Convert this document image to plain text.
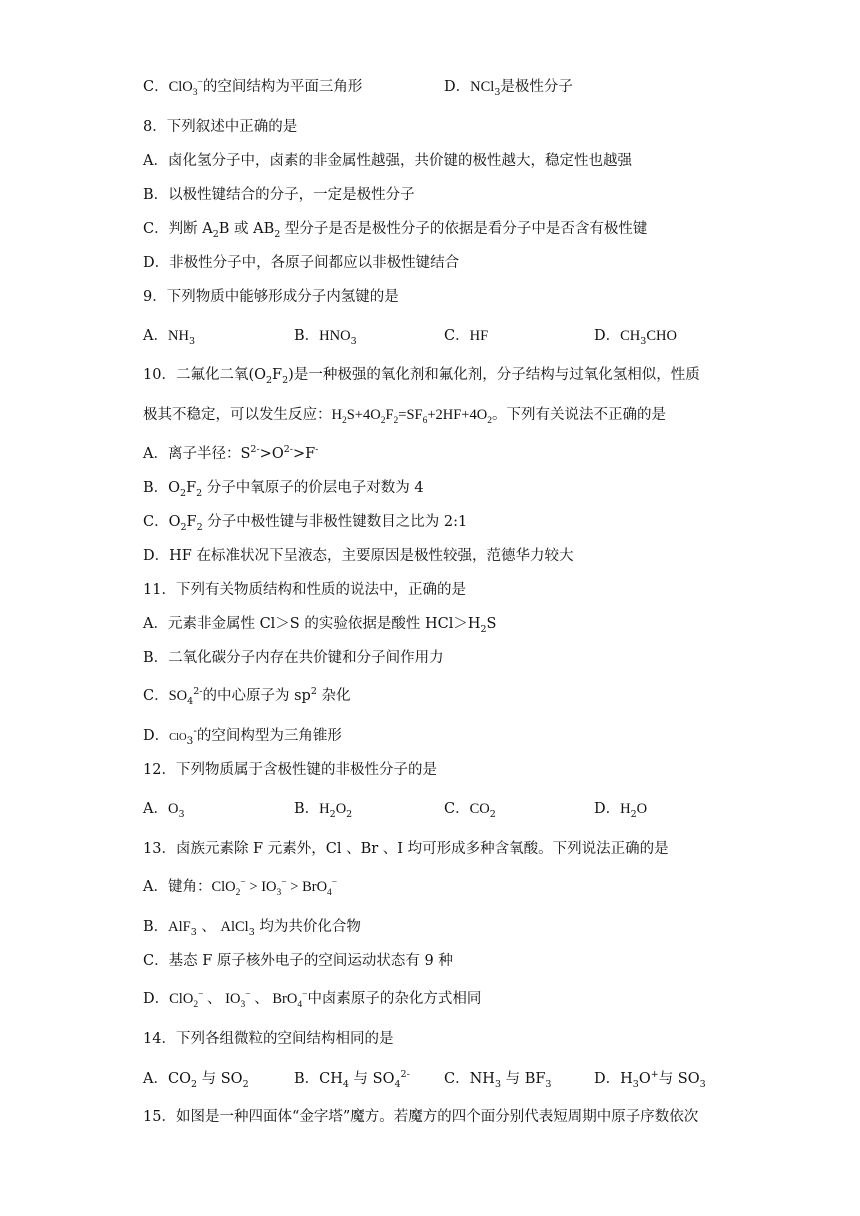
C．ClO$_3$−的空间结构为平面三角形	D．NCl$_3$是极性分子
8．下列叙述中正确的是
A．卤化氢分子中，卤素的非金属性越强，共价键的极性越大，稳定性也越强
B．以极性键结合的分子，一定是极性分子
C．判断 $A_2B$ 或 $AB_2$ 型分子是否是极性分子的依据是看分子中是否含有极性键
D．非极性分子中，各原子间都应以非极性键结合
9．下列物质中能够形成分子内氢键的是
A．$NH_3$	B．$HNO_3$	C．HF	D．$CH_3CHO$
10．二氟化二氧$(O_2F_2)$是一种极强的氧化剂和氟化剂，分子结构与过氧化氢相似，性质
极其不稳定，可以发生反应：$H_2S+4O_2F_2=SF_6+2HF+4O_2$。下列有关说法不正确的是
A．离子半径：$S^{2-}>O^{2-}>F^-$
B．$O_2F_2$ 分子中氧原子的价层电子对数为 4
C．$O_2F_2$ 分子中极性键与非极性键数目之比为 2:1
D．HF 在标准状况下呈液态，主要原因是极性较强，范德华力较大
11．下列有关物质结构和性质的说法中，正确的是
A．元素非金属性 Cl＞S 的实验依据是酸性 $HCl>H_2S$
B．二氧化碳分子内存在共价键和分子间作用力
C．$SO_4^{2-}$的中心原子为 $sp^2$ 杂化
D．ClO$_3$-的空间构型为三角锥形
12．下列物质属于含极性键的非极性分子的是
A．$O_3$	B．$H_2O_2$	C．$CO_2$	D．$H_2O$
13．卤族元素除 F 元素外，Cl 、Br 、I 均可形成多种含氧酸。下列说法正确的是
A．键角：$ClO_2^- > IO_3^- > BrO_4^-$
B．AlF$_3$ 、 AlCl$_3$ 均为共价化合物
C．基态 F 原子核外电子的空间运动状态有 9 种
D．ClO$_2$− 、 $IO_3^-$ 、 BrO$_4$−中卤素原子的杂化方式相同
14．下列各组微粒的空间结构相同的是
A．$CO_2$ 与 $SO_2$	B．$CH_4$ 与 $SO_4^{2-}$ C．$NH_3$ 与 $BF_3$	D．$H_3O^+$与 $SO_3$
15．如图是一种四面体“金字塔”魔方。若魔方的四个面分别代表短周期中原子序数依次
